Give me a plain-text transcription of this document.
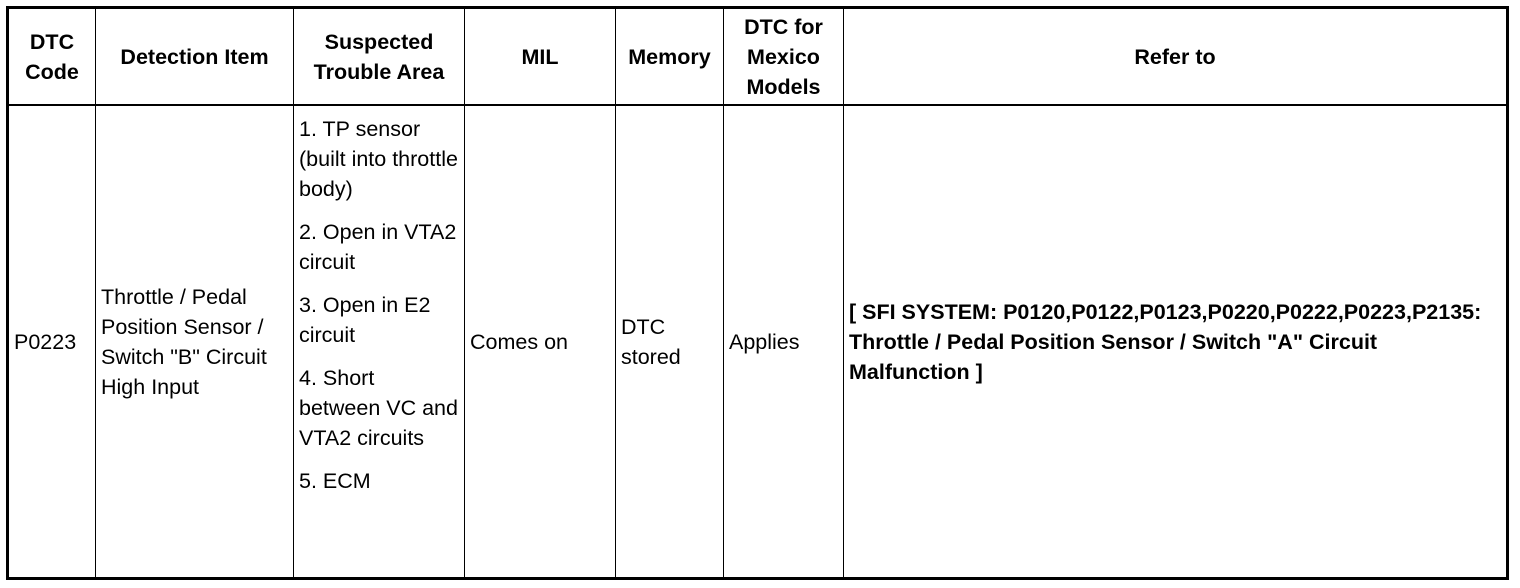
DTC Code	Detection Item	Suspected Trouble Area	MIL	Memory	DTC for Mexico Models	Refer to
P0223	Throttle / Pedal Position Sensor / Switch "B" Circuit High Input	1. TP sensor (built into throttle body)
2. Open in VTA2 circuit
3. Open in E2 circuit
4. Short between VC and VTA2 circuits
5. ECM	Comes on	DTC stored	Applies	[ SFI SYSTEM: P0120,P0122,P0123,P0220,P0222,P0223,P2135: Throttle / Pedal Position Sensor / Switch "A" Circuit Malfunction ]
